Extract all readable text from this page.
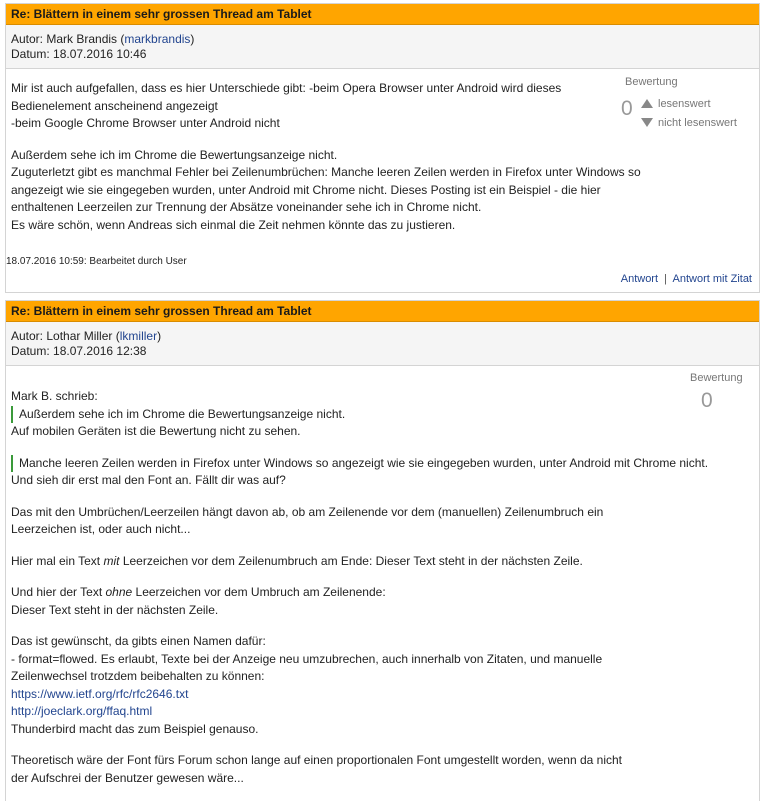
Re: Blättern in einem sehr grossen Thread am Tablet
Autor: Mark Brandis (markbrandis)
Datum: 18.07.2016 10:46
Bewertung
0 lesenswert
nicht lesenswert

Mir ist auch aufgefallen, dass es hier Unterschiede gibt: -beim Opera Browser unter Android wird dieses

Bedienelement anscheinend angezeigt

-beim Google Chrome Browser unter Android nicht

Außerdem sehe ich im Chrome die Bewertungsanzeige nicht.

Zuguterletzt gibt es manchmal Fehler bei Zeilenumbrüchen: Manche leeren Zeilen werden in Firefox unter Windows so

angezeigt wie sie eingegeben wurden, unter Android mit Chrome nicht. Dieses Posting ist ein Beispiel - die hier

enthaltenen Leerzeilen zur Trennung der Absätze voneinander sehe ich in Chrome nicht.

Es wäre schön, wenn Andreas sich einmal die Zeit nehmen könnte das zu justieren.

18.07.2016 10:59: Bearbeitet durch User
Antwort | Antwort mit Zitat
Re: Blättern in einem sehr grossen Thread am Tablet
Autor: Lothar Miller (lkmiller)
Datum: 18.07.2016 12:38
Bewertung
0

Mark B. schrieb:

Außerdem sehe ich im Chrome die Bewertungsanzeige nicht.

Auf mobilen Geräten ist die Bewertung nicht zu sehen.

Manche leeren Zeilen werden in Firefox unter Windows so angezeigt wie sie eingegeben wurden, unter Android mit Chrome nicht.

Und sieh dir erst mal den Font an. Fällt dir was auf?

Das mit den Umbrüchen/Leerzeilen hängt davon ab, ob am Zeilenende vor dem (manuellen) Zeilenumbruch ein

Leerzeichen ist, oder auch nicht...

Hier mal ein Text mit Leerzeichen vor dem Zeilenumbruch am Ende: Dieser Text steht in der nächsten Zeile.

Und hier der Text ohne Leerzeichen vor dem Umbruch am Zeilenende:

Dieser Text steht in der nächsten Zeile.

Das ist gewünscht, da gibts einen Namen dafür:

- format=flowed. Es erlaubt, Texte bei der Anzeige neu umzubrechen, auch innerhalb von Zitaten, und manuelle

Zeilenwechsel trotzdem beibehalten zu können:

https://www.ietf.org/rfc/rfc2646.txt

http://joeclark.org/ffaq.html

Thunderbird macht das zum Beispiel genauso.

Theoretisch wäre der Font fürs Forum schon lange auf einen proportionalen Font umgestellt worden, wenn da nicht

der Aufschrei der Benutzer gewesen wäre...
